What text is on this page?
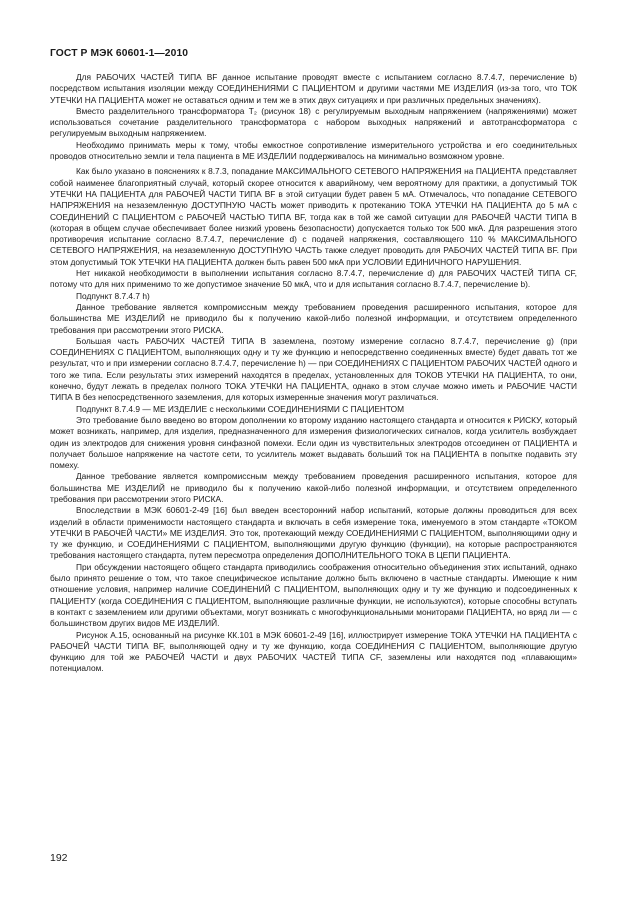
ГОСТ Р МЭК 60601-1—2010

Для РАБОЧИХ ЧАСТЕЙ ТИПА BF данное испытание проводят вместе с испытанием согласно 8.7.4.7, перечисление b) посредством испытания изоляции между СОЕДИНЕНИЯМИ С ПАЦИЕНТОМ и другими частями МЕ ИЗДЕЛИЯ (из-за того, что ТОК УТЕЧКИ НА ПАЦИЕНТА может не оставаться одним и тем же в этих двух ситуациях и при различных предельных значениях).

Вместо разделительного трансформатора T₂ (рисунок 18) с регулируемым выходным напряжением (напряжениями) может использоваться сочетание разделительного трансформатора с набором выходных напряжений и автотрансформатора с регулируемым выходным напряжением.

Необходимо принимать меры к тому, чтобы емкостное сопротивление измерительного устройства и его соединительных проводов относительно земли и тела пациента в МЕ ИЗДЕЛИИ поддерживалось на минимально возможном уровне.

Как было указано в пояснениях к 8.7.3, попадание МАКСИМАЛЬНОГО СЕТЕВОГО НАПРЯЖЕНИЯ на ПАЦИЕНТА представляет собой наименее благоприятный случай, который скорее относится к аварийному, чем вероятному для практики, а допустимый ТОК УТЕЧКИ НА ПАЦИЕНТА для РАБОЧЕЙ ЧАСТИ ТИПА BF в этой ситуации будет равен 5 мА. Отмечалось, что попадание СЕТЕВОГО НАПРЯЖЕНИЯ на незаземленную ДОСТУПНУЮ ЧАСТЬ может приводить к протеканию ТОКА УТЕЧКИ НА ПАЦИЕНТА до 5 мА с СОЕДИНЕНИЙ С ПАЦИЕНТОМ с РАБОЧЕЙ ЧАСТЬЮ ТИПА BF, тогда как в той же самой ситуации для РАБОЧЕЙ ЧАСТИ ТИПА В (которая в общем случае обеспечивает более низкий уровень безопасности) допускается только ток 500 мкА. Для разрешения этого противоречия испытание согласно 8.7.4.7, перечисление d) с подачей напряжения, составляющего 110 % МАКСИМАЛЬНОГО СЕТЕВОГО НАПРЯЖЕНИЯ, на незаземленную ДОСТУПНУЮ ЧАСТЬ также следует проводить для РАБОЧИХ ЧАСТЕЙ ТИПА BF. При этом допустимый ТОК УТЕЧКИ НА ПАЦИЕНТА должен быть равен 500 мкА при УСЛОВИИ ЕДИНИЧНОГО НАРУШЕНИЯ.

Нет никакой необходимости в выполнении испытания согласно 8.7.4.7, перечисление d) для РАБОЧИХ ЧАСТЕЙ ТИПА CF, потому что для них применимо то же допустимое значение 50 мкА, что и для испытания согласно 8.7.4.7, перечисление b).

Подпункт 8.7.4.7 h)

Данное требование является компромиссным между требованием проведения расширенного испытания, которое для большинства МЕ ИЗДЕЛИЙ не приводило бы к получению какой-либо полезной информации, и отсутствием определенного требования при рассмотрении этого РИСКА.

Большая часть РАБОЧИХ ЧАСТЕЙ ТИПА В заземлена, поэтому измерение согласно 8.7.4.7, перечисление g) (при СОЕДИНЕНИЯХ С ПАЦИЕНТОМ, выполняющих одну и ту же функцию и непосредственно соединенных вместе) будет давать тот же результат, что и при измерении согласно 8.7.4.7, перечисление h) — при СОЕДИНЕНИЯХ С ПАЦИЕНТОМ РАБОЧИХ ЧАСТЕЙ одного и того же типа. Если результаты этих измерений находятся в пределах, установленных для ТОКОВ УТЕЧКИ НА ПАЦИЕНТА, то они, конечно, будут лежать в пределах полного ТОКА УТЕЧКИ НА ПАЦИЕНТА, однако в этом случае можно иметь и РАБОЧИЕ ЧАСТИ ТИПА В без непосредственного заземления, для которых измеренные значения могут различаться.

Подпункт 8.7.4.9 — МЕ ИЗДЕЛИЕ с несколькими СОЕДИНЕНИЯМИ С ПАЦИЕНТОМ

Это требование было введено во втором дополнении ко второму изданию настоящего стандарта и относится к РИСКУ, который может возникать, например, для изделия, предназначенного для измерения физиологических сигналов, когда усилитель возбуждает один из электродов для снижения уровня синфазной помехи. Если один из чувствительных электродов отсоединен от ПАЦИЕНТА и получает большое напряжение на частоте сети, то усилитель может выдавать больший ток на ПАЦИЕНТА в попытке подавить эту помеху.

Данное требование является компромиссным между требованием проведения расширенного испытания, которое для большинства МЕ ИЗДЕЛИЙ не приводило бы к получению какой-либо полезной информации, и отсутствием определенного требования при рассмотрении этого РИСКА.

Впоследствии в МЭК 60601-2-49 [16] был введен всесторонний набор испытаний, которые должны проводиться для всех изделий в области применимости настоящего стандарта и включать в себя измерение тока, именуемого в этом стандарте «ТОКОМ УТЕЧКИ В РАБОЧЕЙ ЧАСТИ» МЕ ИЗДЕЛИЯ. Это ток, протекающий между СОЕДИНЕНИЯМИ С ПАЦИЕНТОМ, выполняющими одну и ту же функцию, и СОЕДИНЕНИЯМИ С ПАЦИЕНТОМ, выполняющими другую функцию (функции), на которые распространяются требования настоящего стандарта, путем пересмотра определения ДОПОЛНИТЕЛЬНОГО ТОКА В ЦЕПИ ПАЦИЕНТА.

При обсуждении настоящего общего стандарта приводились соображения относительно объединения этих испытаний, однако было принято решение о том, что такое специфическое испытание должно быть включено в частные стандарты. Имеющие к ним отношение условия, например наличие СОЕДИНЕНИЙ С ПАЦИЕНТОМ, выполняющих одну и ту же функцию и подсоединенных к ПАЦИЕНТУ (когда СОЕДИНЕНИЯ С ПАЦИЕНТОМ, выполняющие различные функции, не используются), которые способны вступать в контакт с заземлением или другими объектами, могут возникать с многофункциональными мониторами ПАЦИЕНТА, но вряд ли — с большинством других видов МЕ ИЗДЕЛИЙ.

Рисунок А.15, основанный на рисунке КК.101 в МЭК 60601-2-49 [16], иллюстрирует измерение ТОКА УТЕЧКИ НА ПАЦИЕНТА с РАБОЧЕЙ ЧАСТИ ТИПА BF, выполняющей одну и ту же функцию, когда СОЕДИНЕНИЯ С ПАЦИЕНТОМ, выполняющие другую функцию для той же РАБОЧЕЙ ЧАСТИ и двух РАБОЧИХ ЧАСТЕЙ ТИПА CF, заземлены или находятся под «плавающим» потенциалом.

192
